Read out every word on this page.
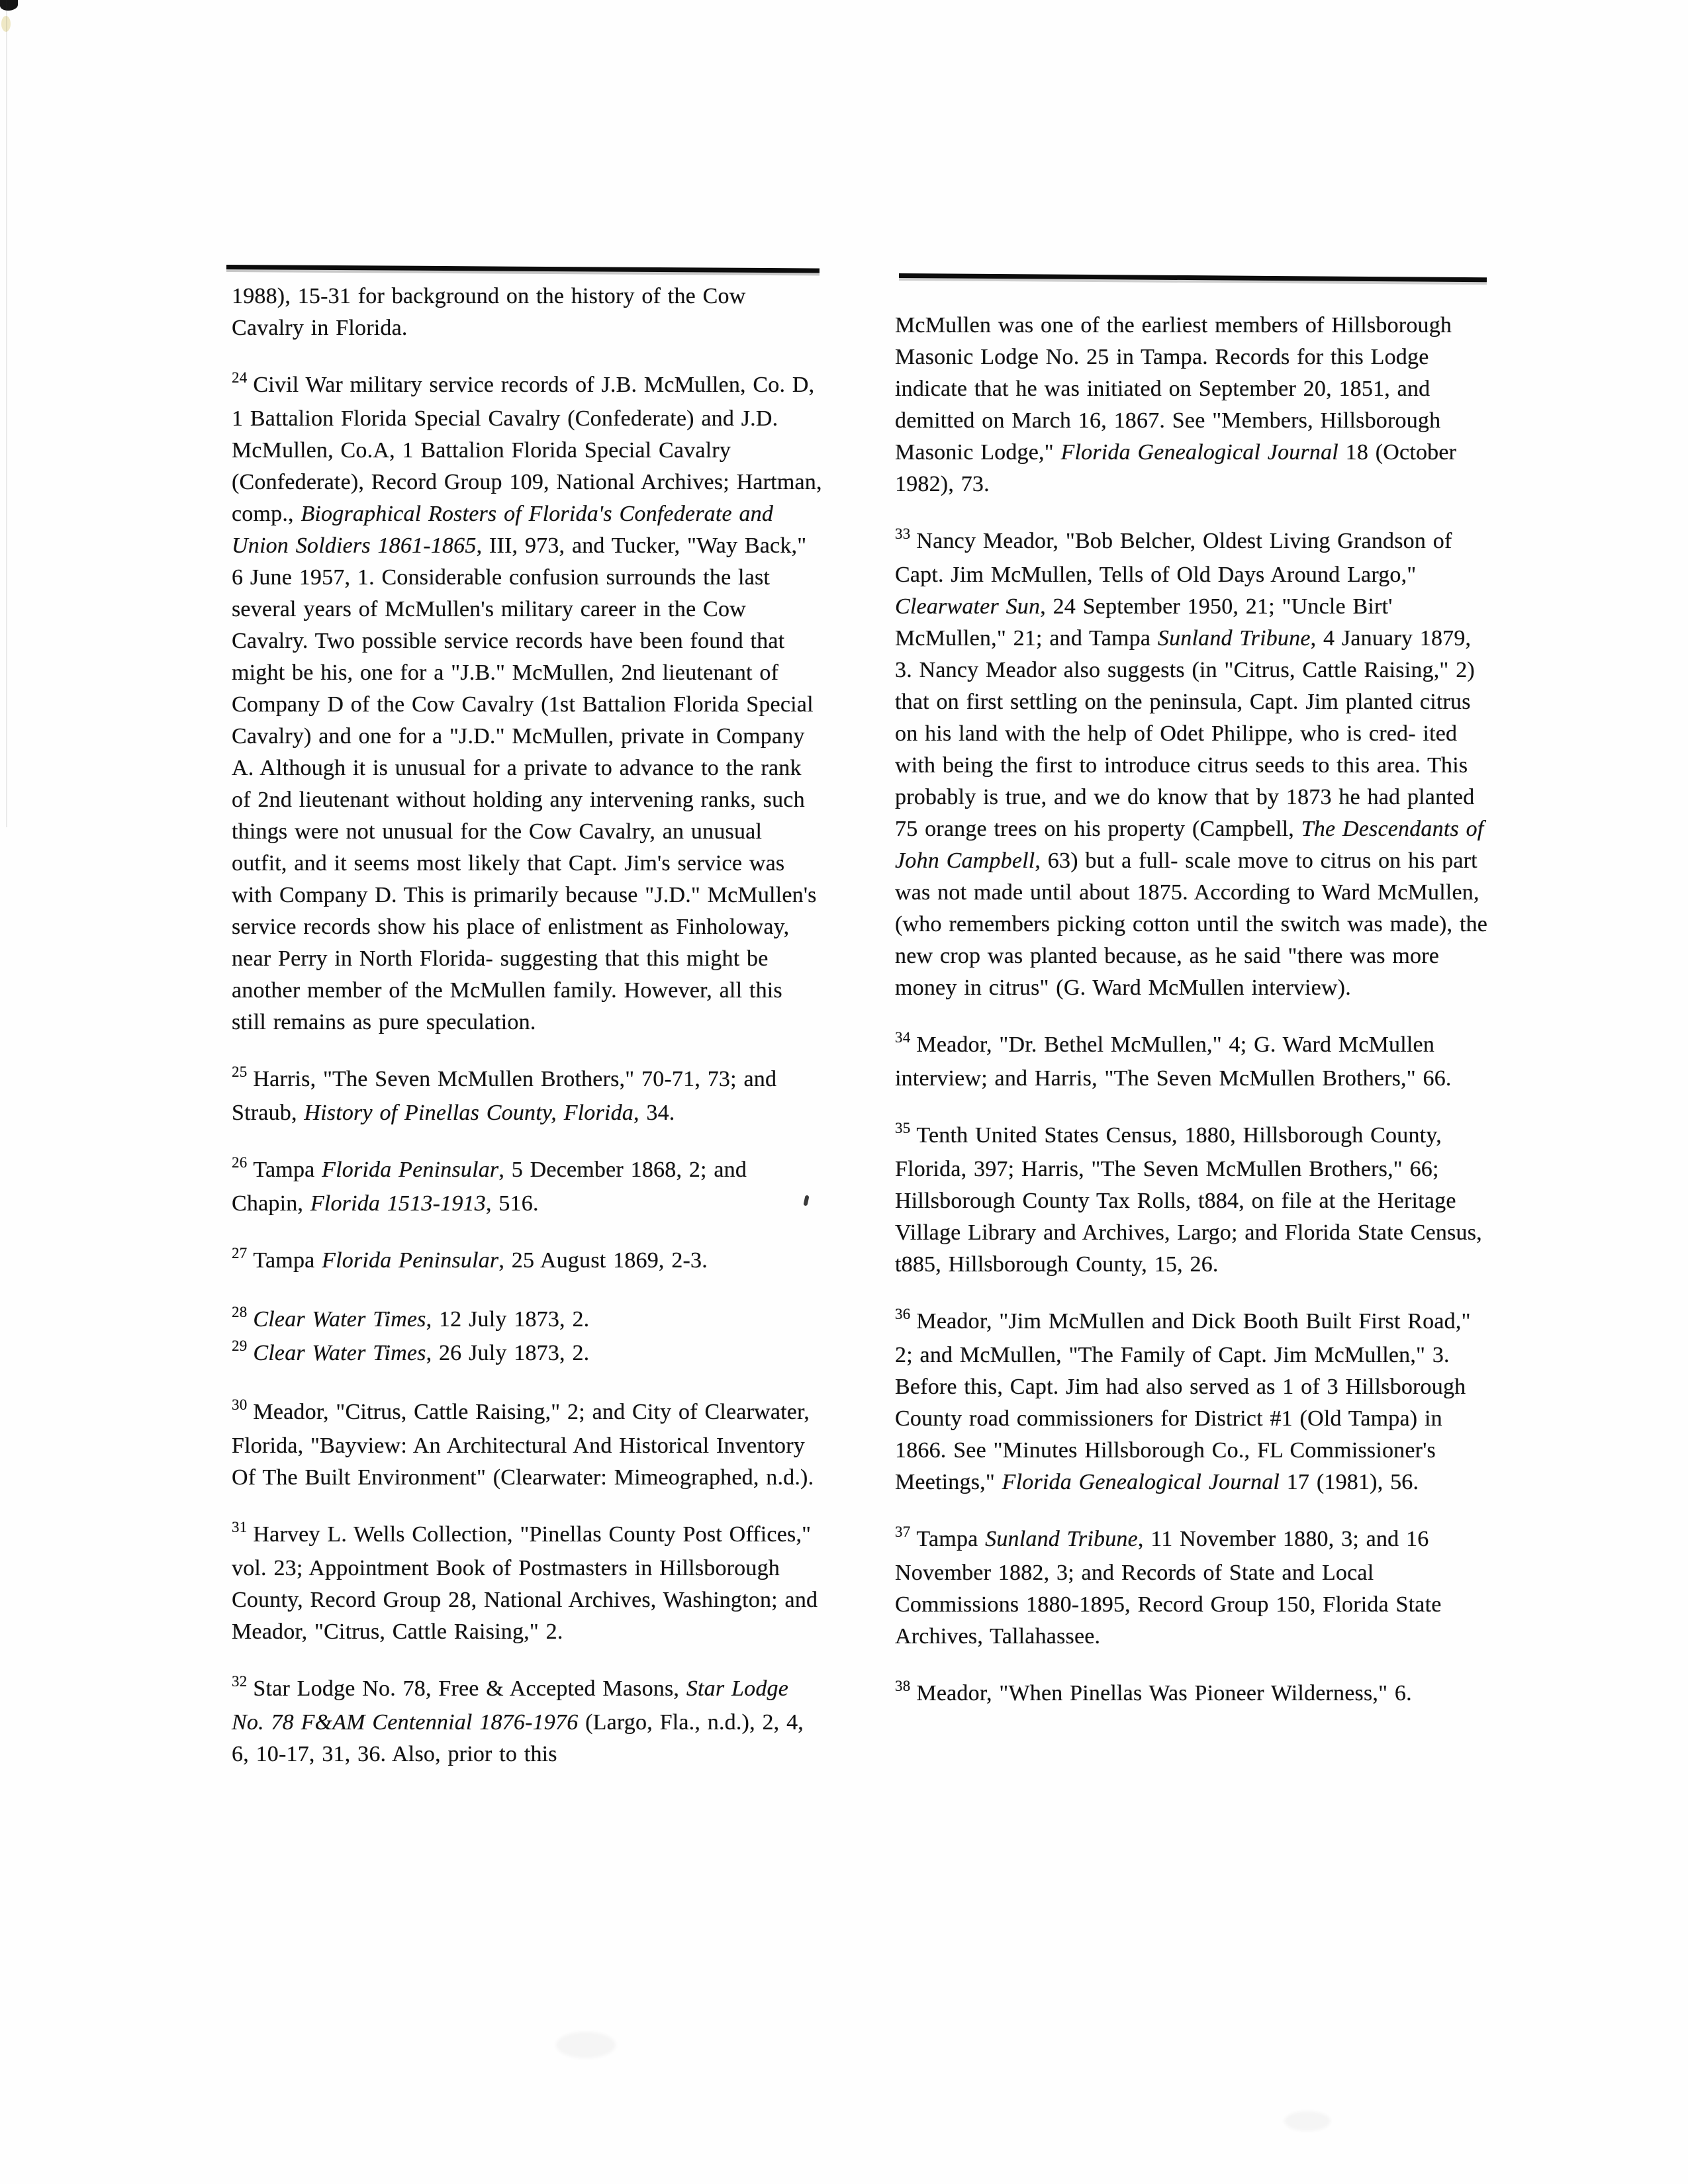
1988), 15-31 for background on the history of the Cow Cavalry in Florida.

$^{24}$ Civil War military service records of J.B. McMullen, Co. D, 1 Battalion Florida Special Cavalry (Confederate) and J.D. McMullen, Co.A, 1 Battalion Florida Special Cavalry (Confederate), Record Group 109, National Archives; Hartman, comp., Biographical Rosters of Florida's Confederate and Union Soldiers 1861-1865, III, 973, and Tucker, "Way Back," 6 June 1957, 1. Considerable confusion surrounds the last several years of McMullen's military career in the Cow Cavalry. Two possible service records have been found that might be his, one for a "J.B." McMullen, 2nd lieutenant of Company D of the Cow Cavalry (1st Battalion Florida Special Cavalry) and one for a "J.D." McMullen, private in Company A. Although it is unusual for a private to advance to the rank of 2nd lieutenant without holding any intervening ranks, such things were not unusual for the Cow Cavalry, an unusual outfit, and it seems most likely that Capt. Jim's service was with Company D. This is primarily because "J.D." McMullen's service records show his place of enlistment as Finholoway, near Perry in North Florida- suggesting that this might be another member of the McMullen family. However, all this still remains as pure speculation.

$^{25}$ Harris, "The Seven McMullen Brothers," 70-71, 73; and Straub, History of Pinellas County, Florida, 34.

$^{26}$ Tampa Florida Peninsular, 5 December 1868, 2; and Chapin, Florida 1513-1913, 516.

$^{27}$ Tampa Florida Peninsular, 25 August 1869, 2-3.

$^{28}$ Clear Water Times, 12 July 1873, 2.

$^{29}$ Clear Water Times, 26 July 1873, 2.

$^{30}$ Meador, "Citrus, Cattle Raising," 2; and City of Clearwater, Florida, "Bayview: An Architectural And Historical Inventory Of The Built Environment" (Clearwater: Mimeographed, n.d.).

$^{31}$ Harvey L. Wells Collection, "Pinellas County Post Offices," vol. 23; Appointment Book of Postmasters in Hillsborough County, Record Group 28, National Archives, Washington; and Meador, "Citrus, Cattle Raising," 2.

$^{32}$ Star Lodge No. 78, Free & Accepted Masons, Star Lodge No. 78 F&AM Centennial 1876-1976 (Largo, Fla., n.d.), 2, 4, 6, 10-17, 31, 36. Also, prior to this

McMullen was one of the earliest members of Hillsborough Masonic Lodge No. 25 in Tampa. Records for this Lodge indicate that he was initiated on September 20, 1851, and demitted on March 16, 1867. See "Members, Hillsborough Masonic Lodge," Florida Genealogical Journal 18 (October 1982), 73.

$^{33}$ Nancy Meador, "Bob Belcher, Oldest Living Grandson of Capt. Jim McMullen, Tells of Old Days Around Largo," Clearwater Sun, 24 September 1950, 21; "Uncle Birt' McMullen," 21; and Tampa Sunland Tribune, 4 January 1879, 3. Nancy Meador also suggests (in "Citrus, Cattle Raising," 2) that on first settling on the peninsula, Capt. Jim planted citrus on his land with the help of Odet Philippe, who is cred- ited with being the first to introduce citrus seeds to this area. This probably is true, and we do know that by 1873 he had planted 75 orange trees on his property (Campbell, The Descendants of John Campbell, 63) but a full- scale move to citrus on his part was not made until about 1875. According to Ward McMullen, (who remembers picking cotton until the switch was made), the new crop was planted because, as he said "there was more money in citrus" (G. Ward McMullen interview).

$^{34}$ Meador, "Dr. Bethel McMullen," 4; G. Ward McMullen interview; and Harris, "The Seven McMullen Brothers," 66.

$^{35}$ Tenth United States Census, 1880, Hillsborough County, Florida, 397; Harris, "The Seven McMullen Brothers," 66; Hillsborough County Tax Rolls, t884, on file at the Heritage Village Library and Archives, Largo; and Florida State Census, t885, Hillsborough County, 15, 26.

$^{36}$ Meador, "Jim McMullen and Dick Booth Built First Road," 2; and McMullen, "The Family of Capt. Jim McMullen," 3. Before this, Capt. Jim had also served as 1 of 3 Hillsborough County road commissioners for District #1 (Old Tampa) in 1866. See "Minutes Hillsborough Co., FL Commissioner's Meetings," Florida Genealogical Journal 17 (1981), 56.

$^{37}$ Tampa Sunland Tribune, 11 November 1880, 3; and 16 November 1882, 3; and Records of State and Local Commissions 1880-1895, Record Group 150, Florida State Archives, Tallahassee.

$^{38}$ Meador, "When Pinellas Was Pioneer Wilderness," 6.
